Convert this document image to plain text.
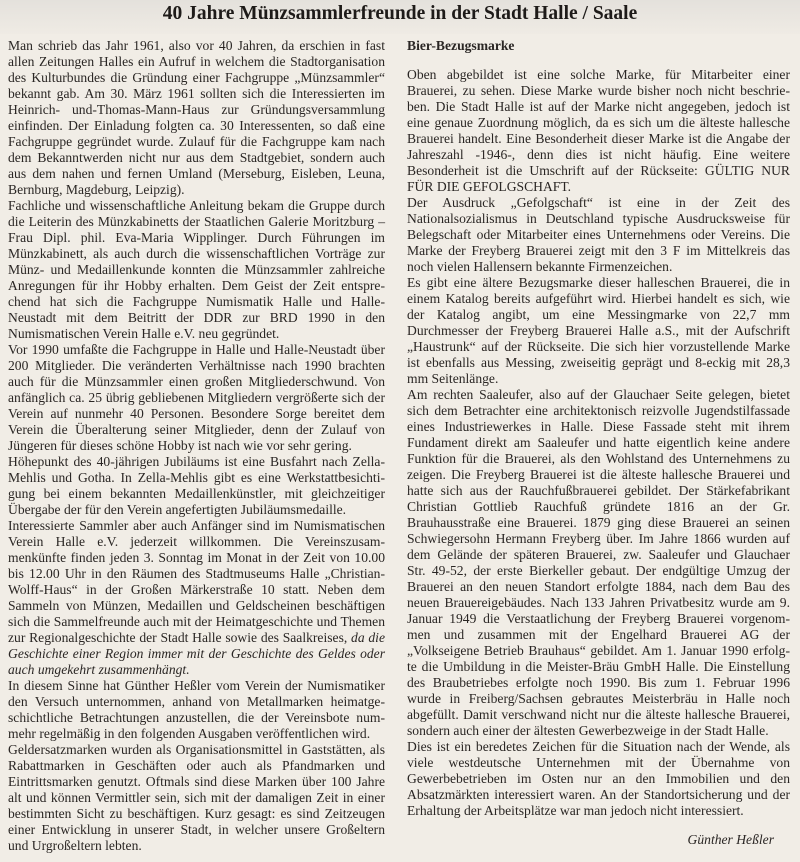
40 Jahre Münzsammlerfreunde in der Stadt Halle / Saale
Man schrieb das Jahr 1961, also vor 40 Jahren, da erschien in fast
allen Zeitungen Halles ein Aufruf in welchem die Stadtorganisation
des Kulturbundes die Gründung einer Fachgruppe „Münzsammler“
bekannt gab. Am 30. März 1961 sollten sich die Interessierten im
Heinrich- und-Thomas-Mann-Haus zur Gründungsversammlung
einfinden. Der Einladung folgten ca. 30 Interessenten, so daß eine
Fachgruppe gegründet wurde. Zulauf für die Fachgruppe kam nach
dem Bekanntwerden nicht nur aus dem Stadtgebiet, sondern auch
aus dem nahen und fernen Umland (Merseburg, Eisleben, Leuna,
Bernburg, Magdeburg, Leipzig).
Fachliche und wissenschaftliche Anleitung bekam die Gruppe durch
die Leiterin des Münzkabinetts der Staatlichen Galerie Moritzburg –
Frau Dipl. phil. Eva-Maria Wipplinger. Durch Führungen im
Münzkabinett, als auch durch die wissenschaftlichen Vorträge zur
Münz- und Medaillenkunde konnten die Münzsammler zahlreiche
Anregungen für ihr Hobby erhalten. Dem Geist der Zeit entspre-
chend hat sich die Fachgruppe Numismatik Halle und Halle-
Neustadt mit dem Beitritt der DDR zur BRD 1990 in den
Numismatischen Verein Halle e.V. neu gegründet.
Vor 1990 umfaßte die Fachgruppe in Halle und Halle-Neustadt über
200 Mitglieder. Die veränderten Verhältnisse nach 1990 brachten
auch für die Münzsammler einen großen Mitgliederschwund. Von
anfänglich ca. 25 übrig gebliebenen Mitgliedern vergrößerte sich der
Verein auf nunmehr 40 Personen. Besondere Sorge bereitet dem
Verein die Überalterung seiner Mitglieder, denn der Zulauf von
Jüngeren für dieses schöne Hobby ist nach wie vor sehr gering.
Höhepunkt des 40-jährigen Jubiläums ist eine Busfahrt nach Zella-
Mehlis und Gotha. In Zella-Mehlis gibt es eine Werkstattbesichti-
gung bei einem bekannten Medaillenkünstler, mit gleichzeitiger
Übergabe der für den Verein angefertigten Jubiläumsmedaille.
Interessierte Sammler aber auch Anfänger sind im Numismatischen
Verein Halle e.V. jederzeit willkommen. Die Vereinszusam-
menkünfte finden jeden 3. Sonntag im Monat in der Zeit von 10.00
bis 12.00 Uhr in den Räumen des Stadtmuseums Halle „Christian-
Wolff-Haus“ in der Großen Märkerstraße 10 statt. Neben dem
Sammeln von Münzen, Medaillen und Geldscheinen beschäftigen
sich die Sammelfreunde auch mit der Heimatgeschichte und Themen
zur Regionalgeschichte der Stadt Halle sowie des Saalkreises, da die
Geschichte einer Region immer mit der Geschichte des Geldes oder
auch umgekehrt zusammenhängt.
In diesem Sinne hat Günther Heßler vom Verein der Numismatiker
den Versuch unternommen, anhand von Metallmarken heimatge-
schichtliche Betrachtungen anzustellen, die der Vereinsbote num-
mehr regelmäßig in den folgenden Ausgaben veröffentlichen wird.
Geldersatzmarken wurden als Organisationsmittel in Gaststätten, als
Rabattmarken in Geschäften oder auch als Pfandmarken und
Eintrittsmarken genutzt. Oftmals sind diese Marken über 100 Jahre
alt und können Vermittler sein, sich mit der damaligen Zeit in einer
bestimmten Sicht zu beschäftigen. Kurz gesagt: es sind Zeitzeugen
einer Entwicklung in unserer Stadt, in welcher unsere Großeltern
und Urgroßeltern lebten.
Bier-Bezugsmarke
Oben abgebildet ist eine solche Marke, für Mitarbeiter einer
Brauerei, zu sehen. Diese Marke wurde bisher noch nicht beschrie-
ben. Die Stadt Halle ist auf der Marke nicht angegeben, jedoch ist
eine genaue Zuordnung möglich, da es sich um die älteste hallesche
Brauerei handelt. Eine Besonderheit dieser Marke ist die Angabe der
Jahreszahl -1946-, denn dies ist nicht häufig. Eine weitere
Besonderheit ist die Umschrift auf der Rückseite: GÜLTIG NUR
FÜR DIE GEFOLGSCHAFT.
Der Ausdruck „Gefolgschaft“ ist eine in der Zeit des
Nationalsozialismus in Deutschland typische Ausdrucksweise für
Belegschaft oder Mitarbeiter eines Unternehmens oder Vereins. Die
Marke der Freyberg Brauerei zeigt mit den 3 F im Mittelkreis das
noch vielen Hallensern bekannte Firmenzeichen.
Es gibt eine ältere Bezugsmarke dieser halleschen Brauerei, die in
einem Katalog bereits aufgeführt wird. Hierbei handelt es sich, wie
der Katalog angibt, um eine Messingmarke von 22,7 mm
Durchmesser der Freyberg Brauerei Halle a.S., mit der Aufschrift
„Haustrunk“ auf der Rückseite. Die sich hier vorzustellende Marke
ist ebenfalls aus Messing, zweiseitig geprägt und 8-eckig mit 28,3
mm Seitenlänge.
Am rechten Saaleufer, also auf der Glauchaer Seite gelegen, bietet
sich dem Betrachter eine architektonisch reizvolle Jugendstilfassade
eines Industriewerkes in Halle. Diese Fassade steht mit ihrem
Fundament direkt am Saaleufer und hatte eigentlich keine andere
Funktion für die Brauerei, als den Wohlstand des Unternehmens zu
zeigen. Die Freyberg Brauerei ist die älteste hallesche Brauerei und
hatte sich aus der Rauchfußbrauerei gebildet. Der Stärkefabrikant
Christian Gottlieb Rauchfuß gründete 1816 an der Gr.
Brauhausstraße eine Brauerei. 1879 ging diese Brauerei an seinen
Schwiegersohn Hermann Freyberg über. Im Jahre 1866 wurden auf
dem Gelände der späteren Brauerei, zw. Saaleufer und Glauchaer
Str. 49-52, der erste Bierkeller gebaut. Der endgültige Umzug der
Brauerei an den neuen Standort erfolgte 1884, nach dem Bau des
neuen Brauereigebäudes. Nach 133 Jahren Privatbesitz wurde am 9.
Januar 1949 die Verstaatlichung der Freyberg Brauerei vorgenom-
men und zusammen mit der Engelhard Brauerei AG der
„Volkseigene Betrieb Brauhaus“ gebildet. Am 1. Januar 1990 erfolg-
te die Umbildung in die Meister-Bräu GmbH Halle. Die Einstellung
des Braubetriebes erfolgte noch 1990. Bis zum 1. Februar 1996
wurde in Freiberg/Sachsen gebrautes Meisterbräu in Halle noch
abgefüllt. Damit verschwand nicht nur die älteste hallesche Brauerei,
sondern auch einer der ältesten Gewerbezweige in der Stadt Halle.
Dies ist ein beredetes Zeichen für die Situation nach der Wende, als
viele westdeutsche Unternehmen mit der Übernahme von
Gewerbebetrieben im Osten nur an den Immobilien und den
Absatzmärkten interessiert waren. An der Standortsicherung und der
Erhaltung der Arbeitsplätze war man jedoch nicht interessiert.
Günther Heßler
